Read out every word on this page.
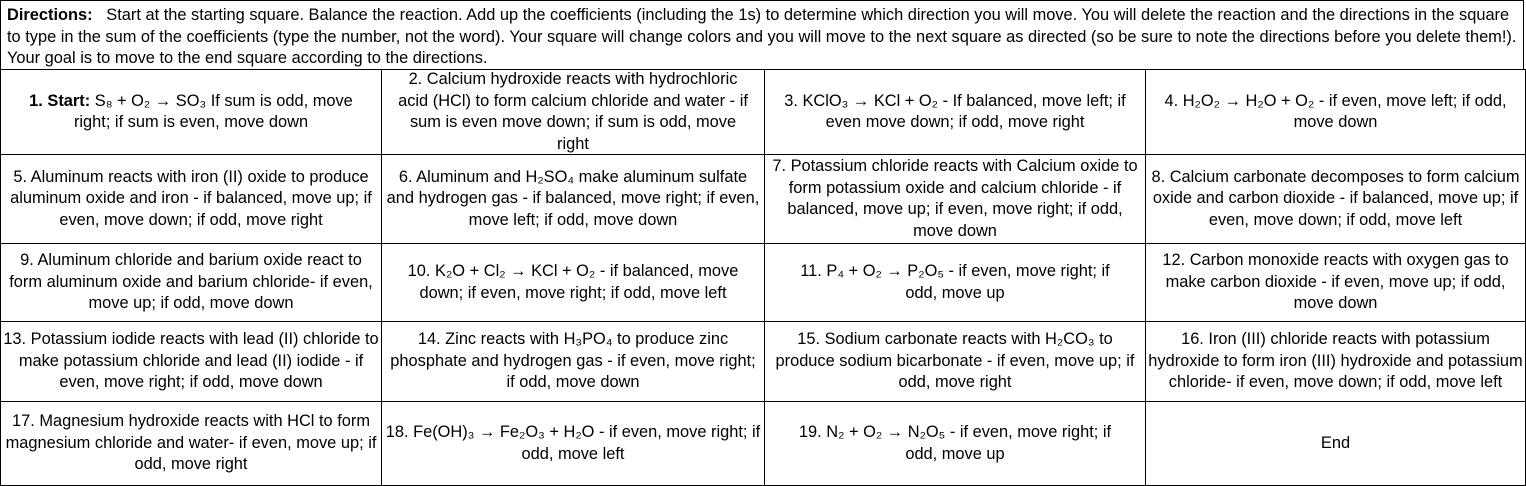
Directions: Start at the starting square. Balance the reaction. Add up the coefficients (including the 1s) to determine which direction you will move. You will delete the reaction and the directions in the square to type in the sum of the coefficients (type the number, not the word). Your square will change colors and you will move to the next square as directed (so be sure to note the directions before you delete them!). Your goal is to move to the end square according to the directions.
1. Start: S₈ + O₂ → SO₃ If sum is odd, move right; if sum is even, move down	2. Calcium hydroxide reacts with hydrochloric acid (HCl) to form calcium chloride and water - if sum is even move down; if sum is odd, move right	3. KClO₃ → KCl + O₂ - If balanced, move left; if even move down; if odd, move right	4. H₂O₂ → H₂O + O₂ - if even, move left; if odd, move down

5. Aluminum reacts with iron (II) oxide to produce aluminum oxide and iron - if balanced, move up; if even, move down; if odd, move right	6. Aluminum and H₂SO₄ make aluminum sulfate and hydrogen gas - if balanced, move right; if even, move left; if odd, move down	7. Potassium chloride reacts with Calcium oxide to form potassium oxide and calcium chloride - if balanced, move up; if even, move right; if odd, move down	8. Calcium carbonate decomposes to form calcium oxide and carbon dioxide - if balanced, move up; if even, move down; if odd, move left

9. Aluminum chloride and barium oxide react to form aluminum oxide and barium chloride- if even, move up; if odd, move down	10. K₂O + Cl₂ → KCl + O₂ - if balanced, move down; if even, move right; if odd, move left	11. P₄ + O₂ → P₂O₅ - if even, move right; if odd, move up	12. Carbon monoxide reacts with oxygen gas to make carbon dioxide - if even, move up; if odd, move down

13. Potassium iodide reacts with lead (II) chloride to make potassium chloride and lead (II) iodide - if even, move right; if odd, move down	14. Zinc reacts with H₃PO₄ to produce zinc phosphate and hydrogen gas - if even, move right; if odd, move down	15. Sodium carbonate reacts with H₂CO₃ to produce sodium bicarbonate - if even, move up; if odd, move right	16. Iron (III) chloride reacts with potassium hydroxide to form iron (III) hydroxide and potassium chloride- if even, move down; if odd, move left

17. Magnesium hydroxide reacts with HCl to form magnesium chloride and water- if even, move up; if odd, move right	18. Fe(OH)₃ → Fe₂O₃ + H₂O - if even, move right; if odd, move left	19. N₂ + O₂ → N₂O₅ - if even, move right; if odd, move up	End
